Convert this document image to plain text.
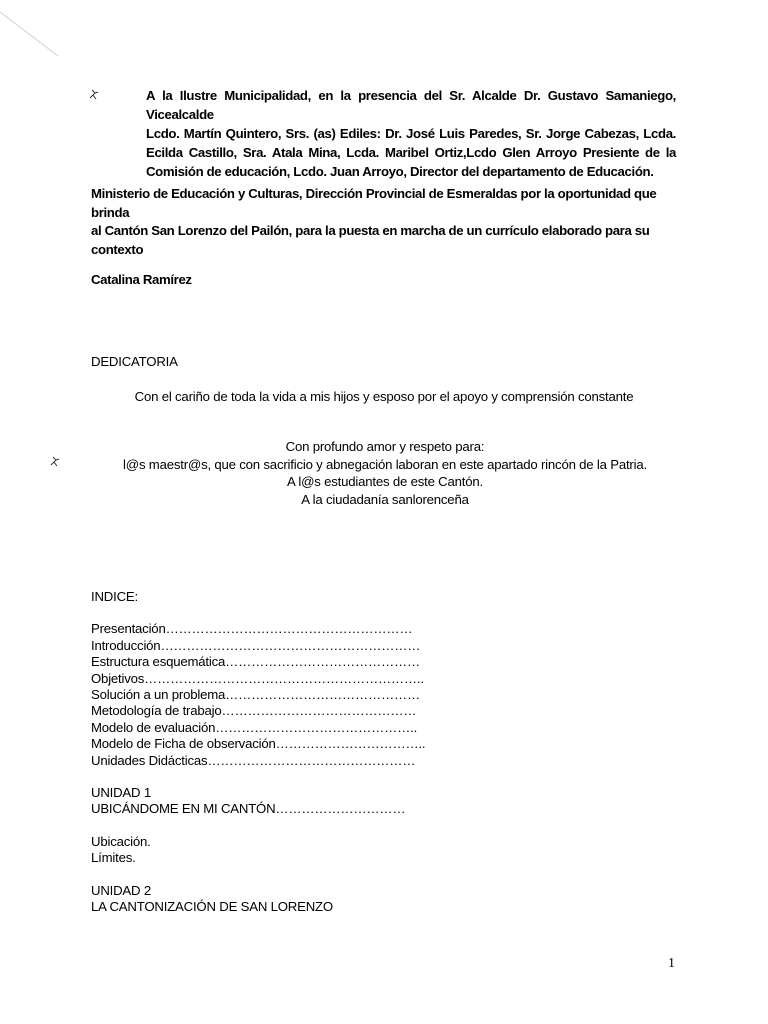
A la Ilustre Municipalidad, en la presencia del Sr. Alcalde Dr. Gustavo Samaniego, Vicealcalde
Lcdo. Martín Quintero, Srs. (as) Ediles: Dr. José Luis Paredes, Sr. Jorge Cabezas, Lcda.
Ecilda Castillo, Sra. Atala Mina, Lcda. Maribel Ortiz,Lcdo Glen Arroyo Presiente de la
Comisión de educación, Lcdo. Juan Arroyo, Director del departamento de Educación.
Ministerio de Educación y Culturas, Dirección Provincial de Esmeraldas por la oportunidad que brinda
al Cantón San Lorenzo del Pailón, para la puesta en marcha de un currículo elaborado para su
contexto
Catalina Ramírez
DEDICATORIA
Con el cariño de toda la vida a mis hijos y esposo por el apoyo y comprensión constante
Con profundo amor y respeto para:
l@s maestr@s, que con sacrificio y abnegación laboran en este apartado rincón de la Patria.
A l@s estudiantes de este Cantón.
A la ciudadanía sanlorenceña
INDICE:
Presentación…………………………………………………
Introducción……………………………………………………
Estructura esquemática………………………………………
Objetivos………………………………………………………..
Solución a un problema………………………………………
Metodología de trabajo………………………………………
Modelo de evaluación………………………………………..
Modelo de Ficha de observación……………………………..
Unidades Didácticas…………………………………………
UNIDAD 1
UBICÁNDOME EN MI CANTÓN…………………………
Ubicación.
Límites.
UNIDAD 2
LA CANTONIZACIÓN DE SAN LORENZO
1
